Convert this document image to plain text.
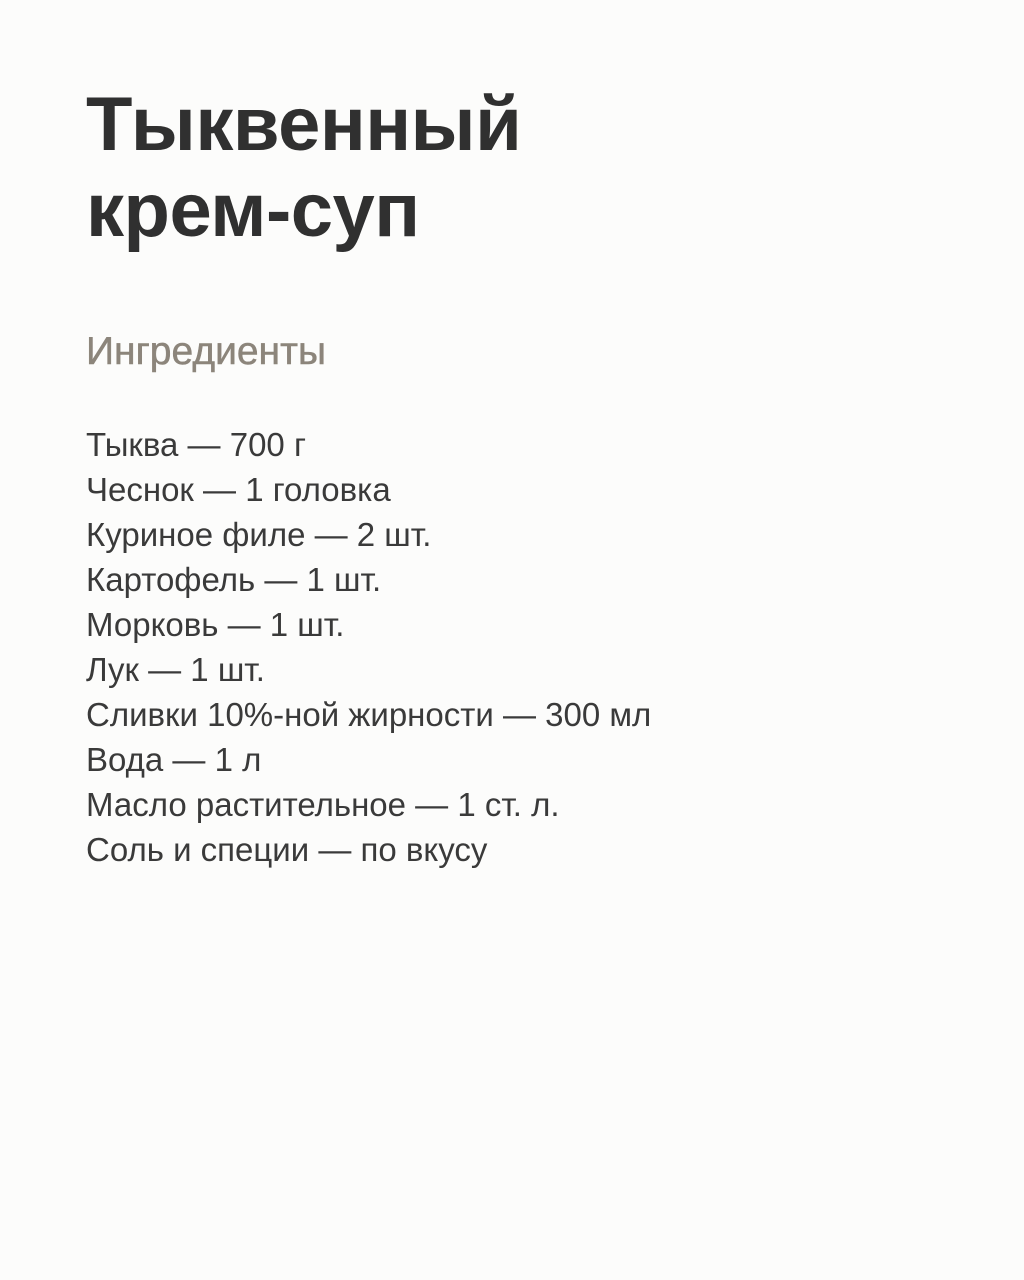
Тыквенный крем-суп
Ингредиенты
Тыква — 700 г
Чеснок — 1 головка
Куриное филе — 2 шт.
Картофель — 1 шт.
Морковь — 1 шт.
Лук — 1 шт.
Сливки 10%-ной жирности — 300 мл
Вода — 1 л
Масло растительное — 1 ст. л.
Соль и специи — по вкусу
